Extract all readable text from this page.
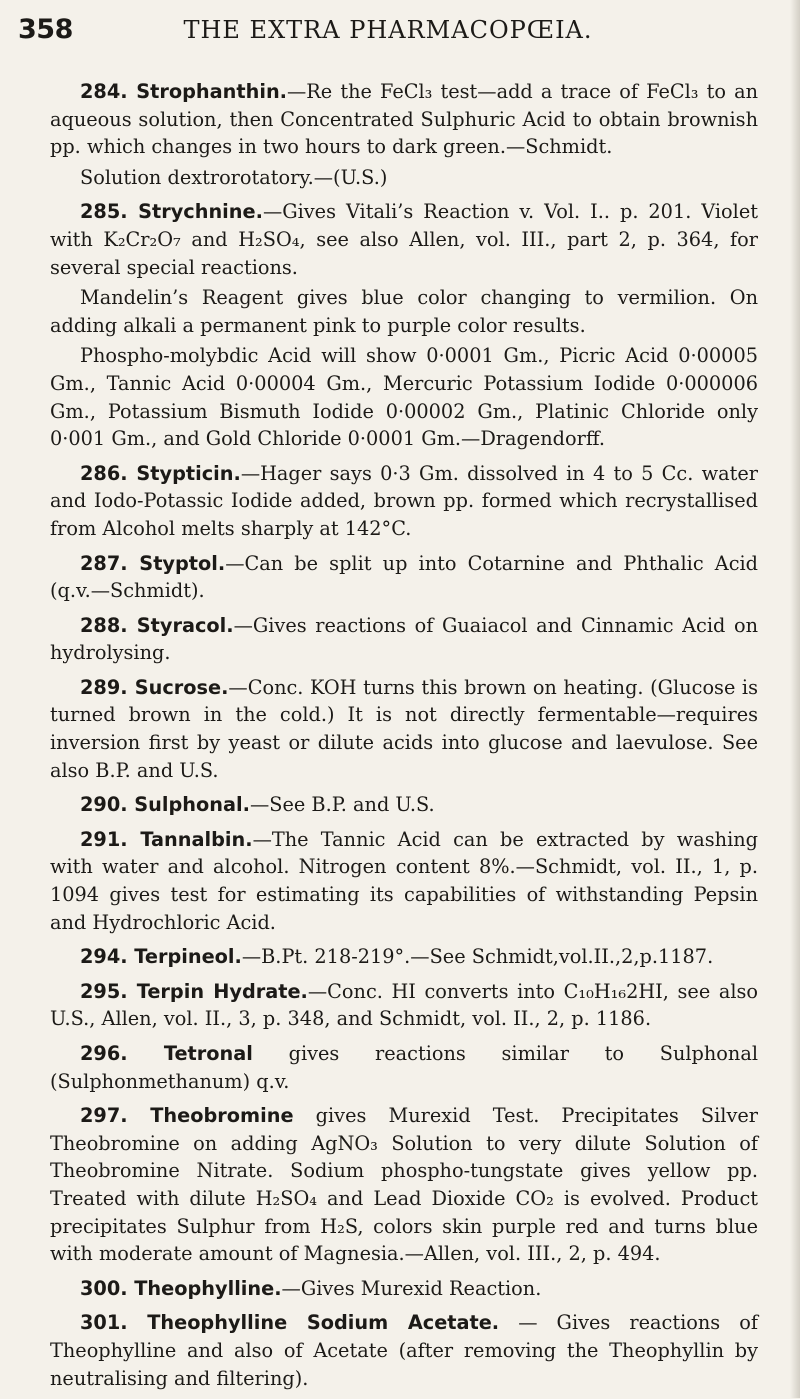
358	THE EXTRA PHARMACOPŒIA.

284. Strophanthin.—Re the FeCl₃ test—add a trace of FeCl₃ to an aqueous solution, then Concentrated Sulphuric Acid to obtain brownish pp. which changes in two hours to dark green.—Schmidt.

Solution dextrorotatory.—(U.S.)

285. Strychnine.—Gives Vitali’s Reaction v. Vol. I.. p. 201. Violet with K₂Cr₂O₇ and H₂SO₄, see also Allen, vol. III., part 2, p. 364, for several special reactions.

Mandelin’s Reagent gives blue color changing to vermilion. On adding alkali a permanent pink to purple color results.

Phospho-molybdic Acid will show 0·0001 Gm., Picric Acid 0·00005 Gm., Tannic Acid 0·00004 Gm., Mercuric Potassium Iodide 0·000006 Gm., Potassium Bismuth Iodide 0·00002 Gm., Platinic Chloride only 0·001 Gm., and Gold Chloride 0·0001 Gm.—Dragendorff.

286. Stypticin.—Hager says 0·3 Gm. dissolved in 4 to 5 Cc. water and Iodo-Potassic Iodide added, brown pp. formed which recrystallised from Alcohol melts sharply at 142°C.

287. Styptol.—Can be split up into Cotarnine and Phthalic Acid (q.v.—Schmidt).

288. Styracol.—Gives reactions of Guaiacol and Cinnamic Acid on hydrolysing.

289. Sucrose.—Conc. KOH turns this brown on heating. (Glucose is turned brown in the cold.) It is not directly fermentable—requires inversion first by yeast or dilute acids into glucose and laevulose. See also B.P. and U.S.

290. Sulphonal.—See B.P. and U.S.

291. Tannalbin.—The Tannic Acid can be extracted by washing with water and alcohol. Nitrogen content 8%.—Schmidt, vol. II., 1, p. 1094 gives test for estimating its capabilities of withstanding Pepsin and Hydrochloric Acid.

294. Terpineol.—B.Pt. 218-219°.—See Schmidt,vol.II.,2,p.1187.

295. Terpin Hydrate.—Conc. HI converts into C₁₀H₁₆2HI, see also U.S., Allen, vol. II., 3, p. 348, and Schmidt, vol. II., 2, p. 1186.

296. Tetronal gives reactions similar to Sulphonal (Sulphonmethanum) q.v.

297. Theobromine gives Murexid Test. Precipitates Silver Theobromine on adding AgNO₃ Solution to very dilute Solution of Theobromine Nitrate. Sodium phospho-tungstate gives yellow pp. Treated with dilute H₂SO₄ and Lead Dioxide CO₂ is evolved. Product precipitates Sulphur from H₂S, colors skin purple red and turns blue with moderate amount of Magnesia.—Allen, vol. III., 2, p. 494.

300. Theophylline.—Gives Murexid Reaction.

301. Theophylline Sodium Acetate. — Gives reactions of Theophylline and also of Acetate (after removing the Theophyllin by neutralising and filtering).
